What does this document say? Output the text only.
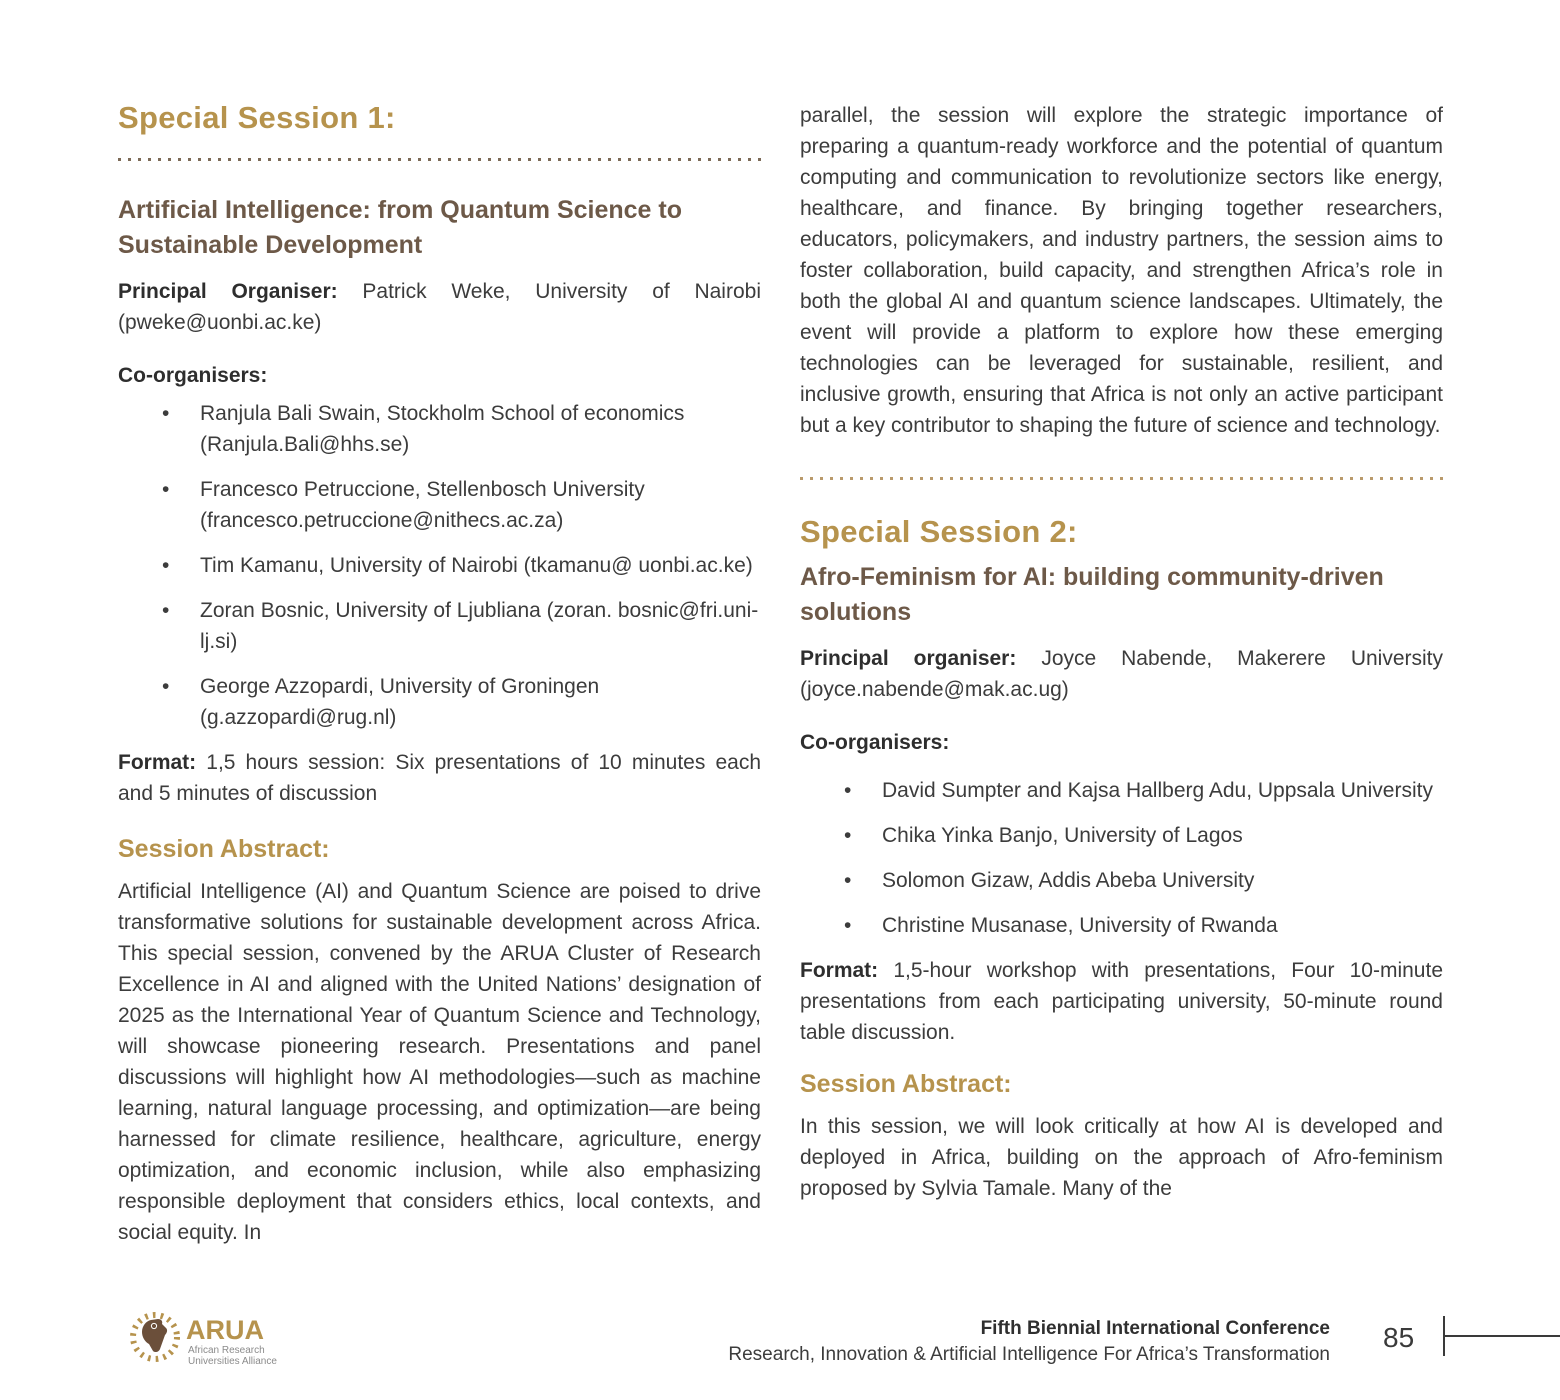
Special Session 1:
Artificial Intelligence: from Quantum Science to Sustainable Development

Principal Organiser: Patrick Weke, University of Nairobi (pweke@uonbi.ac.ke)

Co-organisers:

• Ranjula Bali Swain, Stockholm School of economics (Ranjula.Bali@hhs.se)
• Francesco Petruccione, Stellenbosch University (francesco.petruccione@nithecs.ac.za)
• Tim Kamanu, University of Nairobi (tkamanu@ uonbi.ac.ke)
• Zoran Bosnic, University of Ljubliana (zoran. bosnic@fri.uni-lj.si)
• George Azzopardi, University of Groningen (g.azzopardi@rug.nl)

Format: 1,5 hours session: Six presentations of 10 minutes each and 5 minutes of discussion

Session Abstract:

Artificial Intelligence (AI) and Quantum Science are poised to drive transformative solutions for sustainable development across Africa. This special session, convened by the ARUA Cluster of Research Excellence in AI and aligned with the United Nations’ designation of 2025 as the International Year of Quantum Science and Technology, will showcase pioneering research. Presentations and panel discussions will highlight how AI methodologies—such as machine learning, natural language processing, and optimization—are being harnessed for climate resilience, healthcare, agriculture, energy optimization, and economic inclusion, while also emphasizing responsible deployment that considers ethics, local contexts, and social equity. In

parallel, the session will explore the strategic importance of preparing a quantum-ready workforce and the potential of quantum computing and communication to revolutionize sectors like energy, healthcare, and finance. By bringing together researchers, educators, policymakers, and industry partners, the session aims to foster collaboration, build capacity, and strengthen Africa’s role in both the global AI and quantum science landscapes. Ultimately, the event will provide a platform to explore how these emerging technologies can be leveraged for sustainable, resilient, and inclusive growth, ensuring that Africa is not only an active participant but a key contributor to shaping the future of science and technology.

Special Session 2:
Afro-Feminism for AI: building community-driven solutions

Principal organiser: Joyce Nabende, Makerere University (joyce.nabende@mak.ac.ug)

Co-organisers:

• David Sumpter and Kajsa Hallberg Adu, Uppsala University
• Chika Yinka Banjo, University of Lagos
• Solomon Gizaw, Addis Abeba University
• Christine Musanase, University of Rwanda

Format: 1,5-hour workshop with presentations, Four 10-minute presentations from each participating university, 50-minute round table discussion.

Session Abstract:

In this session, we will look critically at how AI is developed and deployed in Africa, building on the approach of Afro-feminism proposed by Sylvia Tamale. Many of the

ARUA
African Research
Universities Alliance

Fifth Biennial International Conference

Research, Innovation & Artificial Intelligence For Africa’s Transformation

85
